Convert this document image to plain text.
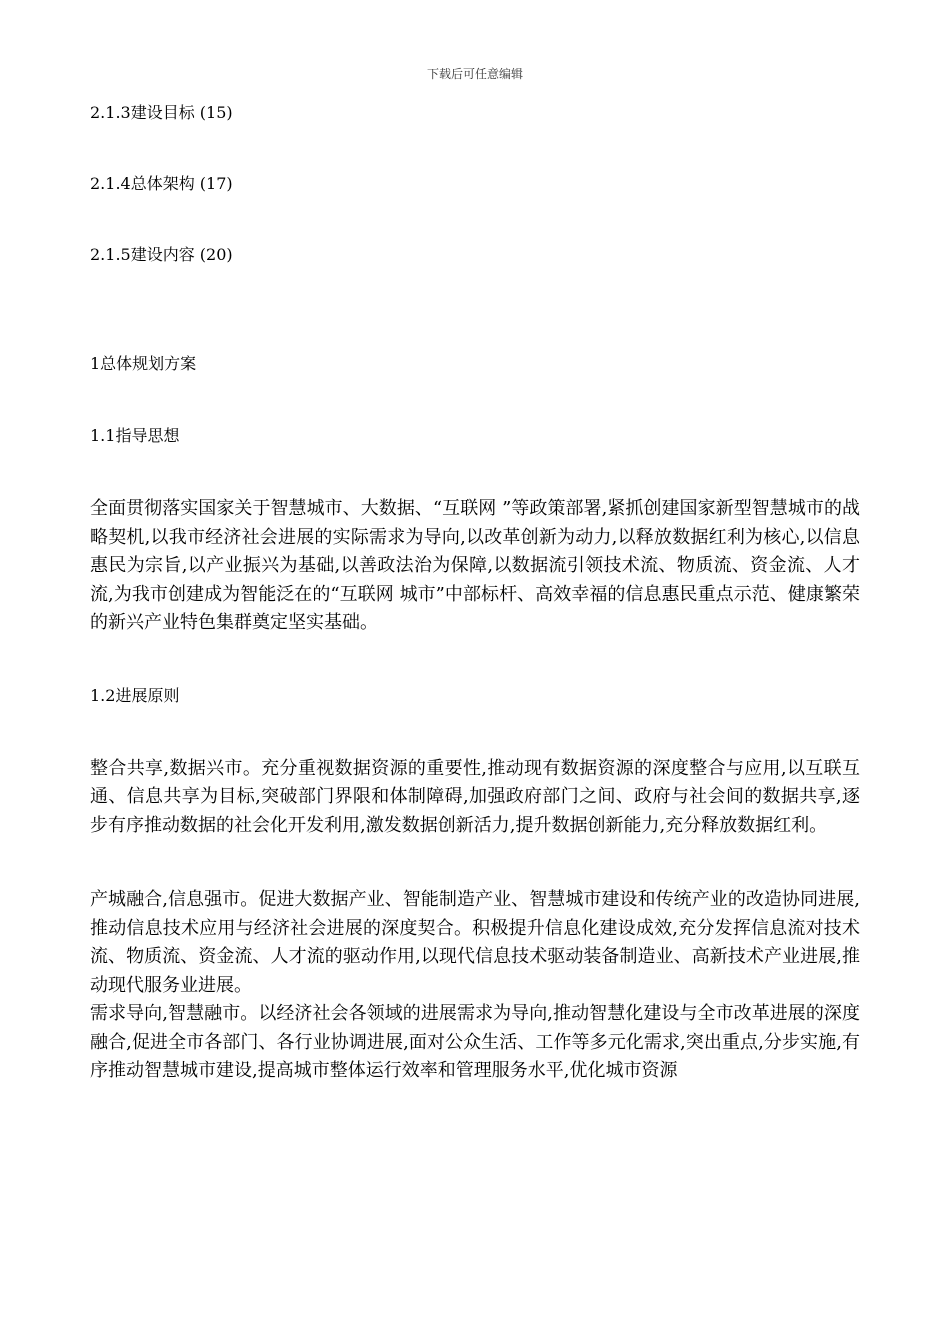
下载后可任意编辑
2.1.3建设目标 (15)
2.1.4总体架构 (17)
2.1.5建设内容 (20)
1总体规划方案
1.1指导思想

全面贯彻落实国家关于智慧城市、大数据、“互联网 ”等政策部署,紧抓创建国家新型智慧城市的战略契机,以我市经济社会进展的实际需求为导向,以改革创新为动力,以释放数据红利为核心,以信息惠民为宗旨,以产业振兴为基础,以善政法治为保障,以数据流引领技术流、物质流、资金流、人才流,为我市创建成为智能泛在的“互联网 城市”中部标杆、高效幸福的信息惠民重点示范、健康繁荣的新兴产业特色集群奠定坚实基础。

1.2进展原则

整合共享,数据兴市。充分重视数据资源的重要性,推动现有数据资源的深度整合与应用,以互联互通、信息共享为目标,突破部门界限和体制障碍,加强政府部门之间、政府与社会间的数据共享,逐步有序推动数据的社会化开发利用,激发数据创新活力,提升数据创新能力,充分释放数据红利。

产城融合,信息强市。促进大数据产业、智能制造产业、智慧城市建设和传统产业的改造协同进展,推动信息技术应用与经济社会进展的深度契合。积极提升信息化建设成效,充分发挥信息流对技术流、物质流、资金流、人才流的驱动作用,以现代信息技术驱动装备制造业、高新技术产业进展,推动现代服务业进展。

需求导向,智慧融市。以经济社会各领域的进展需求为导向,推动智慧化建设与全市改革进展的深度融合,促进全市各部门、各行业协调进展,面对公众生活、工作等多元化需求,突出重点,分步实施,有序推动智慧城市建设,提高城市整体运行效率和管理服务水平,优化城市资源
